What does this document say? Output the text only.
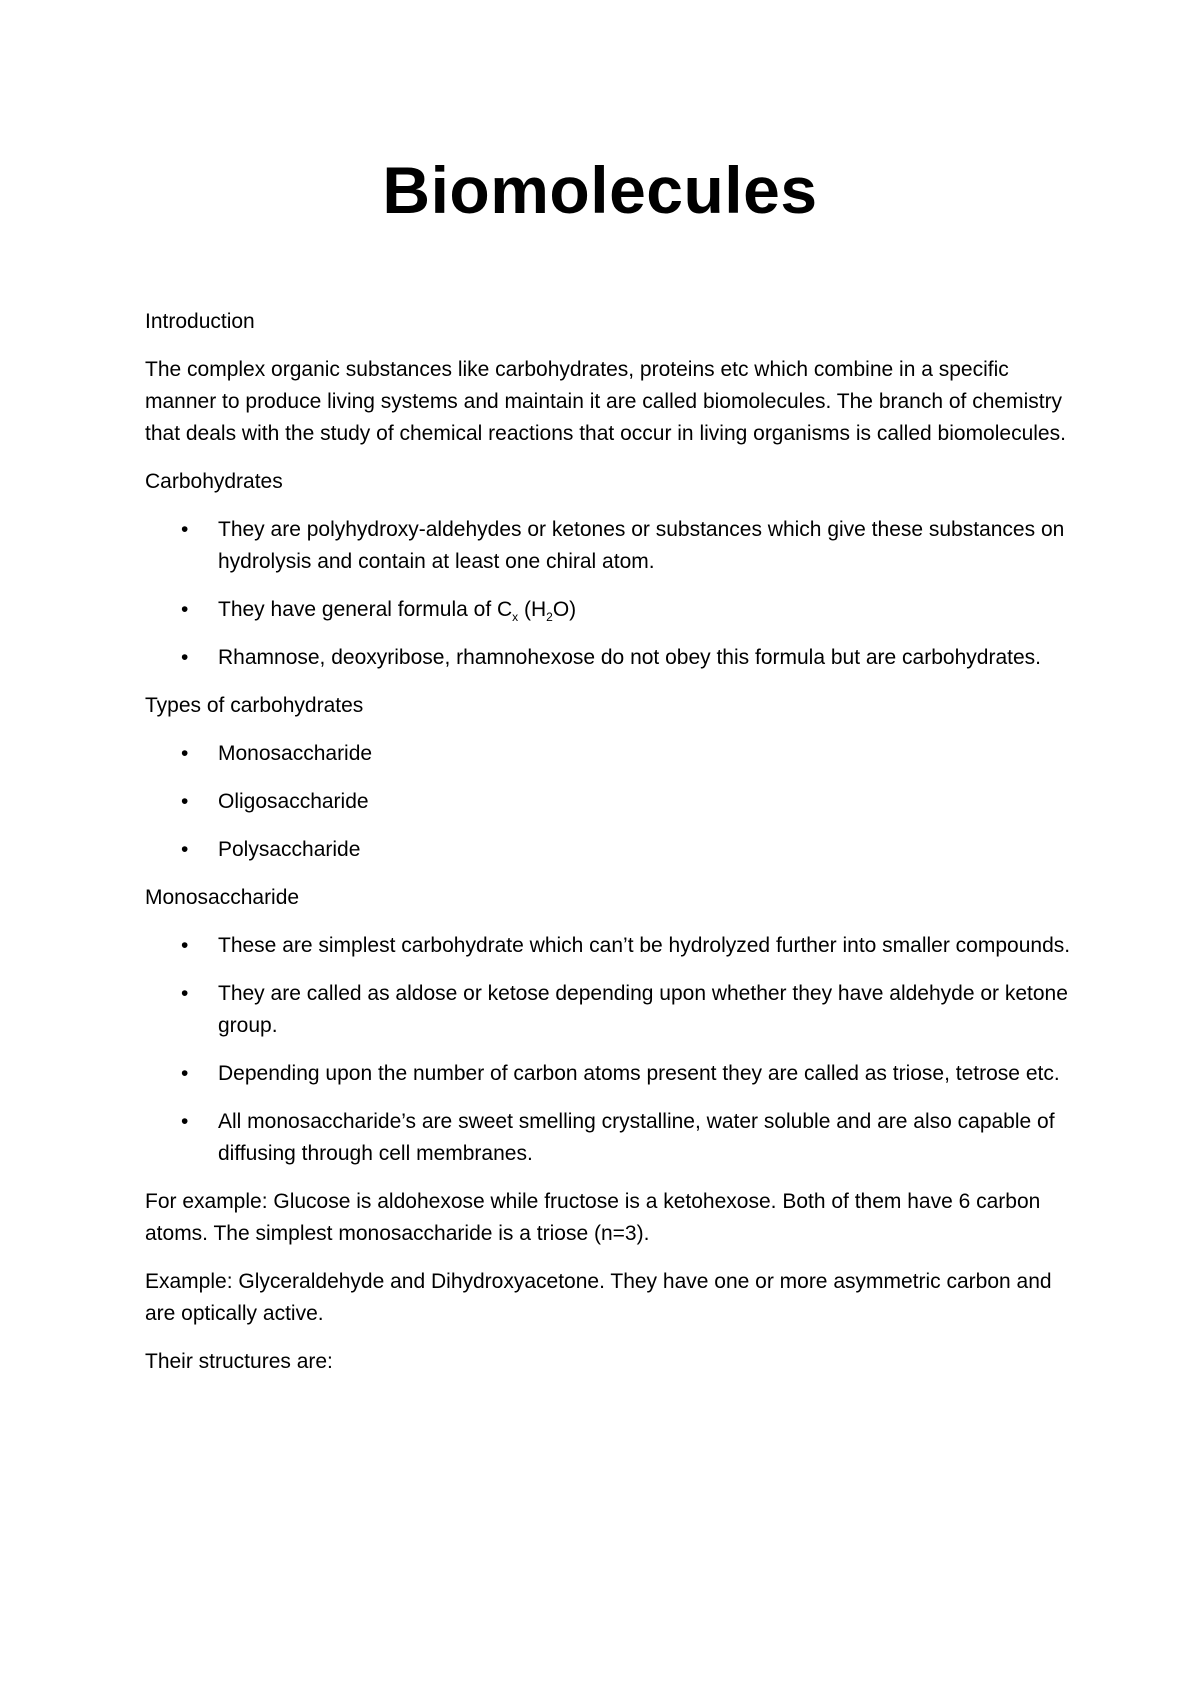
Biomolecules
Introduction
The complex organic substances like carbohydrates, proteins etc which combine in a specific manner to produce living systems and maintain it are called biomolecules. The branch of chemistry that deals with the study of chemical reactions that occur in living organisms is called biomolecules.
Carbohydrates
• They are polyhydroxy-aldehydes or ketones or substances which give these substances on hydrolysis and contain at least one chiral atom.
• They have general formula of $C_x$ $(H_2O)$
• Rhamnose, deoxyribose, rhamnohexose do not obey this formula but are carbohydrates.
Types of carbohydrates
• Monosaccharide
• Oligosaccharide
• Polysaccharide
Monosaccharide
• These are simplest carbohydrate which can’t be hydrolyzed further into smaller compounds.
• They are called as aldose or ketose depending upon whether they have aldehyde or ketone group.
• Depending upon the number of carbon atoms present they are called as triose, tetrose etc.
• All monosaccharide’s are sweet smelling crystalline, water soluble and are also capable of diffusing through cell membranes.
For example: Glucose is aldohexose while fructose is a ketohexose. Both of them have 6 carbon atoms. The simplest monosaccharide is a triose (n=3).
Example: Glyceraldehyde and Dihydroxyacetone. They have one or more asymmetric carbon and are optically active.
Their structures are:
